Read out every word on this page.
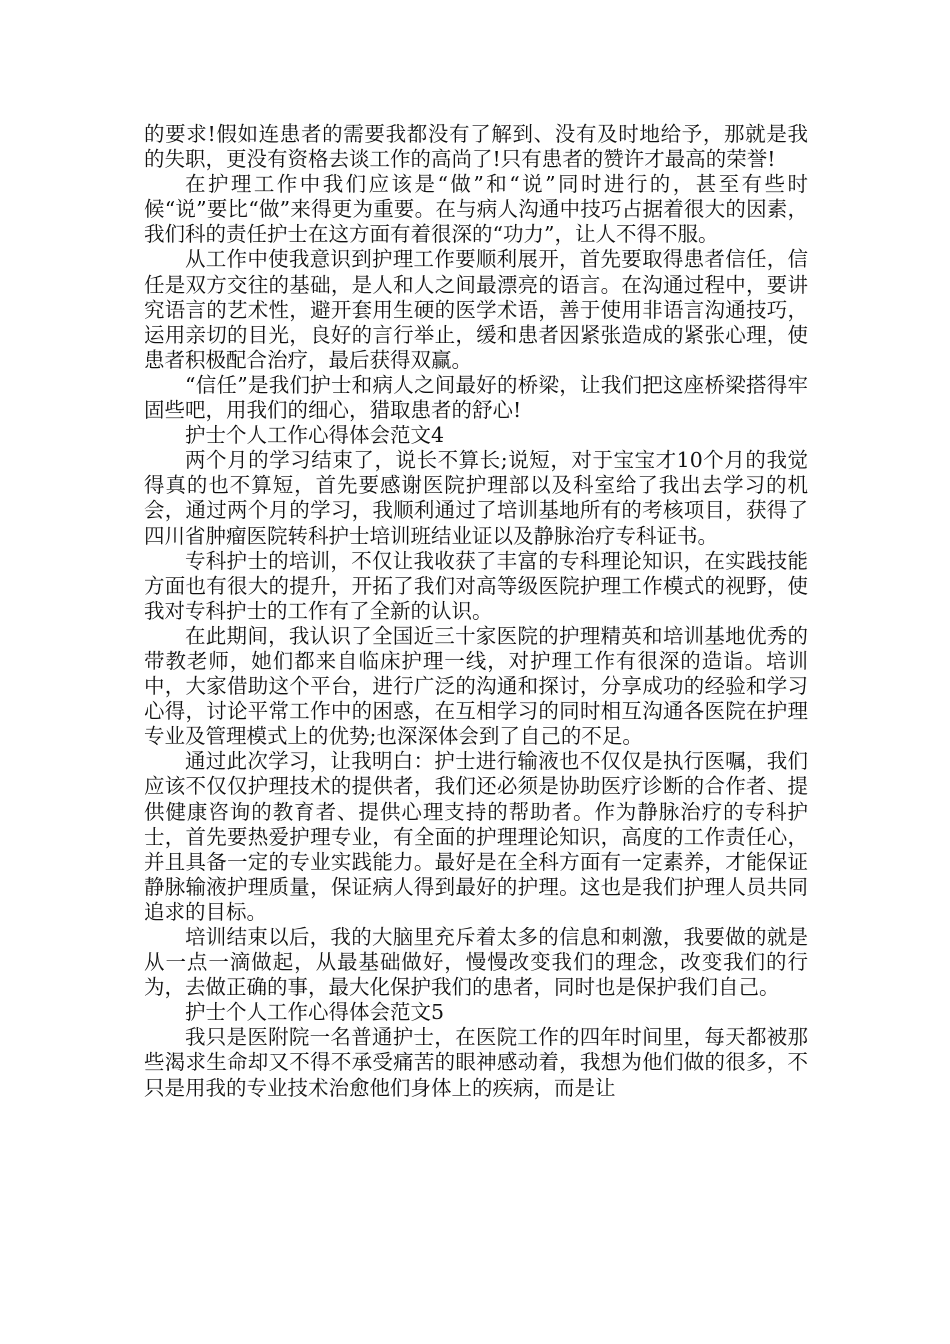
的要求!假如连患者的需要我都没有了解到、没有及时地给予，那就是我的失职，更没有资格去谈工作的高尚了!只有患者的赞许才最高的荣誉!

在护理工作中我们应该是“做”和“说”同时进行的，甚至有些时候“说”要比“做”来得更为重要。在与病人沟通中技巧占据着很大的因素，我们科的责任护士在这方面有着很深的“功力”，让人不得不服。

从工作中使我意识到护理工作要顺利展开，首先要取得患者信任，信任是双方交往的基础，是人和人之间最漂亮的语言。在沟通过程中，要讲究语言的艺术性，避开套用生硬的医学术语，善于使用非语言沟通技巧，运用亲切的目光，良好的言行举止，缓和患者因紧张造成的紧张心理，使患者积极配合治疗，最后获得双赢。

“信任”是我们护士和病人之间最好的桥梁，让我们把这座桥梁搭得牢固些吧，用我们的细心，猎取患者的舒心!

护士个人工作心得体会范文4

两个月的学习结束了，说长不算长;说短，对于宝宝才10个月的我觉得真的也不算短，首先要感谢医院护理部以及科室给了我出去学习的机会，通过两个月的学习，我顺利通过了培训基地所有的考核项目，获得了四川省肿瘤医院转科护士培训班结业证以及静脉治疗专科证书。

专科护士的培训，不仅让我收获了丰富的专科理论知识，在实践技能方面也有很大的提升，开拓了我们对高等级医院护理工作模式的视野，使我对专科护士的工作有了全新的认识。

在此期间，我认识了全国近三十家医院的护理精英和培训基地优秀的带教老师，她们都来自临床护理一线，对护理工作有很深的造诣。培训中，大家借助这个平台，进行广泛的沟通和探讨，分享成功的经验和学习心得，讨论平常工作中的困惑，在互相学习的同时相互沟通各医院在护理专业及管理模式上的优势;也深深体会到了自己的不足。

通过此次学习，让我明白：护士进行输液也不仅仅是执行医嘱，我们应该不仅仅护理技术的提供者，我们还必须是协助医疗诊断的合作者、提供健康咨询的教育者、提供心理支持的帮助者。作为静脉治疗的专科护士，首先要热爱护理专业，有全面的护理理论知识，高度的工作责任心，并且具备一定的专业实践能力。最好是在全科方面有一定素养，才能保证静脉输液护理质量，保证病人得到最好的护理。这也是我们护理人员共同追求的目标。

培训结束以后，我的大脑里充斥着太多的信息和刺激，我要做的就是从一点一滴做起，从最基础做好，慢慢改变我们的理念，改变我们的行为，去做正确的事，最大化保护我们的患者，同时也是保护我们自己。

护士个人工作心得体会范文5

我只是医附院一名普通护士，在医院工作的四年时间里，每天都被那些渴求生命却又不得不承受痛苦的眼神感动着，我想为他们做的很多，不只是用我的专业技术治愈他们身体上的疾病，而是让
